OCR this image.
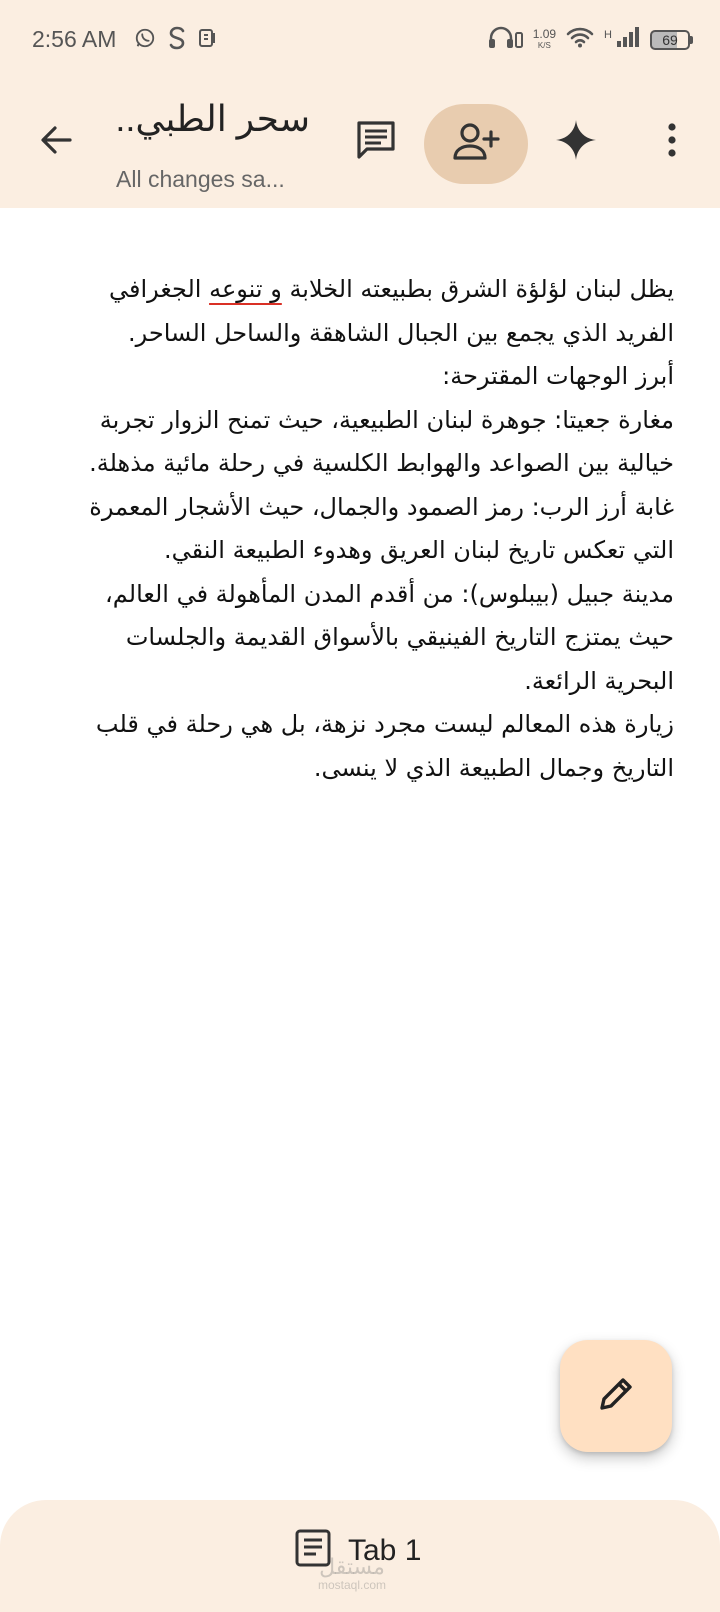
2:56 AM	1.09
K/S
H	69
سحر الطبي..
All changes sa...

يظل لبنان لؤلؤة الشرق بطبيعته الخلابة و تنوعه الجغرافي الفريد الذي يجمع بين الجبال الشاهقة والساحل الساحر.

أبرز الوجهات المقترحة:

مغارة جعيتا: جوهرة لبنان الطبيعية، حيث تمنح الزوار تجربة خيالية بين الصواعد والهوابط الكلسية في رحلة مائية مذهلة.

غابة أرز الرب: رمز الصمود والجمال، حيث الأشجار المعمرة التي تعكس تاريخ لبنان العريق وهدوء الطبيعة النقي.

مدينة جبيل (بيبلوس): من أقدم المدن المأهولة في العالم، حيث يمتزج التاريخ الفينيقي بالأسواق القديمة والجلسات البحرية الرائعة.

زيارة هذه المعالم ليست مجرد نزهة، بل هي رحلة في قلب التاريخ وجمال الطبيعة الذي لا ينسى.

Tab 1
مستقل
mostaql.com
